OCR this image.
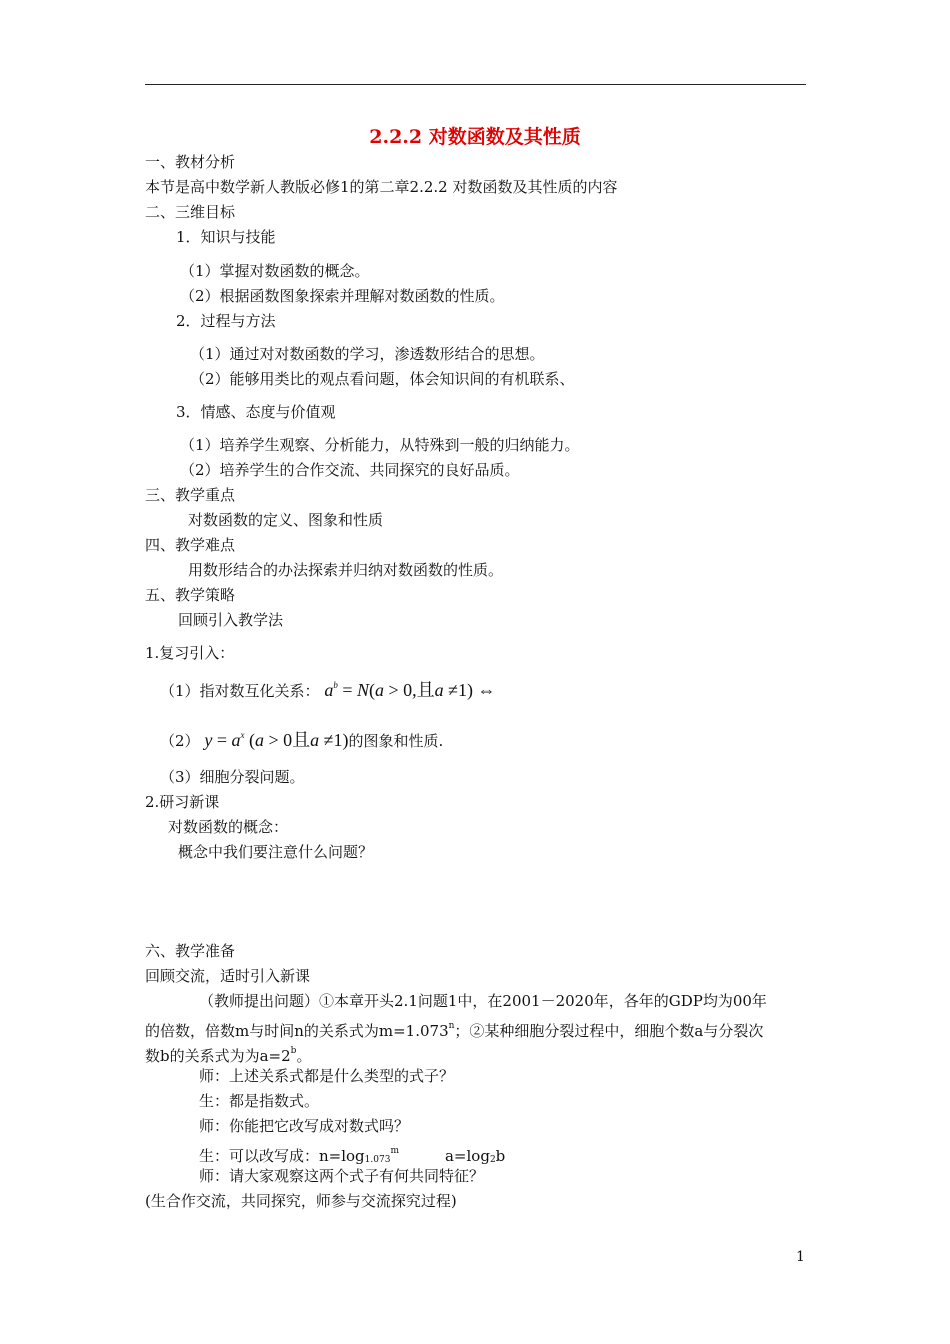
2.2.2 对数函数及其性质
一、教材分析
本节是高中数学新人教版必修1的第二章2.2.2 对数函数及其性质的内容
二、三维目标
1．知识与技能
（1）掌握对数函数的概念。
（2）根据函数图象探索并理解对数函数的性质。
2．过程与方法
（1）通过对对数函数的学习，渗透数形结合的思想。
（2）能够用类比的观点看问题，体会知识间的有机联系、
3．情感、态度与价值观
（1）培养学生观察、分析能力，从特殊到一般的归纳能力。
（2）培养学生的合作交流、共同探究的良好品质。
三、教学重点
对数函数的定义、图象和性质
四、教学难点
用数形结合的办法探索并归纳对数函数的性质。
五、教学策略
回顾引入教学法
1.复习引入：
（1）指对数互化关系： $a^b = N(a > 0$,且a ≠1) ⇔
（2） $y = a^x$ (a > 0且a ≠1)的图象和性质.
（3）细胞分裂问题。
2.研习新课
对数函数的概念：
概念中我们要注意什么问题？
六、教学准备
回顾交流，适时引入新课
（教师提出问题）①本章开头2.1问题1中，在2001－2020年，各年的GDP均为00年
的倍数，倍数m与时间n的关系式为$m=1.073^n$；②某种细胞分裂过程中，细胞个数a与分裂次
数b的关系式为为$a=2^b$。
师：上述关系式都是什么类型的式子？
生：都是指数式。
师：你能把它改写成对数式吗？
生：可以改写成：$n=\log_{1.073}^m$	$a=\log_2b$
师：请大家观察这两个式子有何共同特征？
(生合作交流，共同探究，师参与交流探究过程)
1
